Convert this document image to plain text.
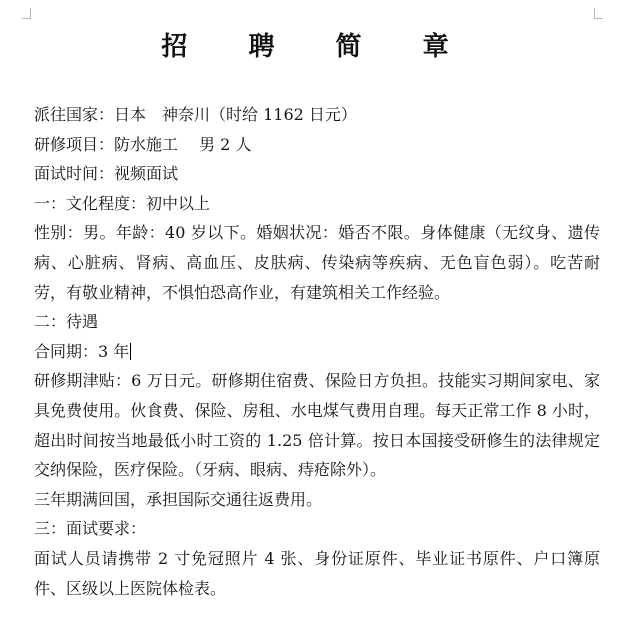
招 聘 简 章
派往国家：日本　神奈川（时给 1162 日元）
研修项目：防水施工　 男 2 人
面试时间：视频面试
一：文化程度：初中以上
性别：男。年龄：40 岁以下。婚姻状况：婚否不限。身体健康（无纹身、遗传病、心脏病、肾病、高血压、皮肤病、传染病等疾病、无色盲色弱）。吃苦耐劳，有敬业精神，不惧怕恐高作业，有建筑相关工作经验。
二：待遇
合同期：3 年
研修期津贴：6 万日元。研修期住宿费、保险日方负担。技能实习期间家电、家具免费使用。伙食费、保险、房租、水电煤气费用自理。每天正常工作 8 小时，超出时间按当地最低小时工资的 1.25 倍计算。按日本国接受研修生的法律规定交纳保险，医疗保险。（牙病、眼病、痔疮除外）。
三年期满回国，承担国际交通往返费用。
三：面试要求：
面试人员请携带 2 寸免冠照片 4 张、身份证原件、毕业证书原件、户口簿原件、区级以上医院体检表。
